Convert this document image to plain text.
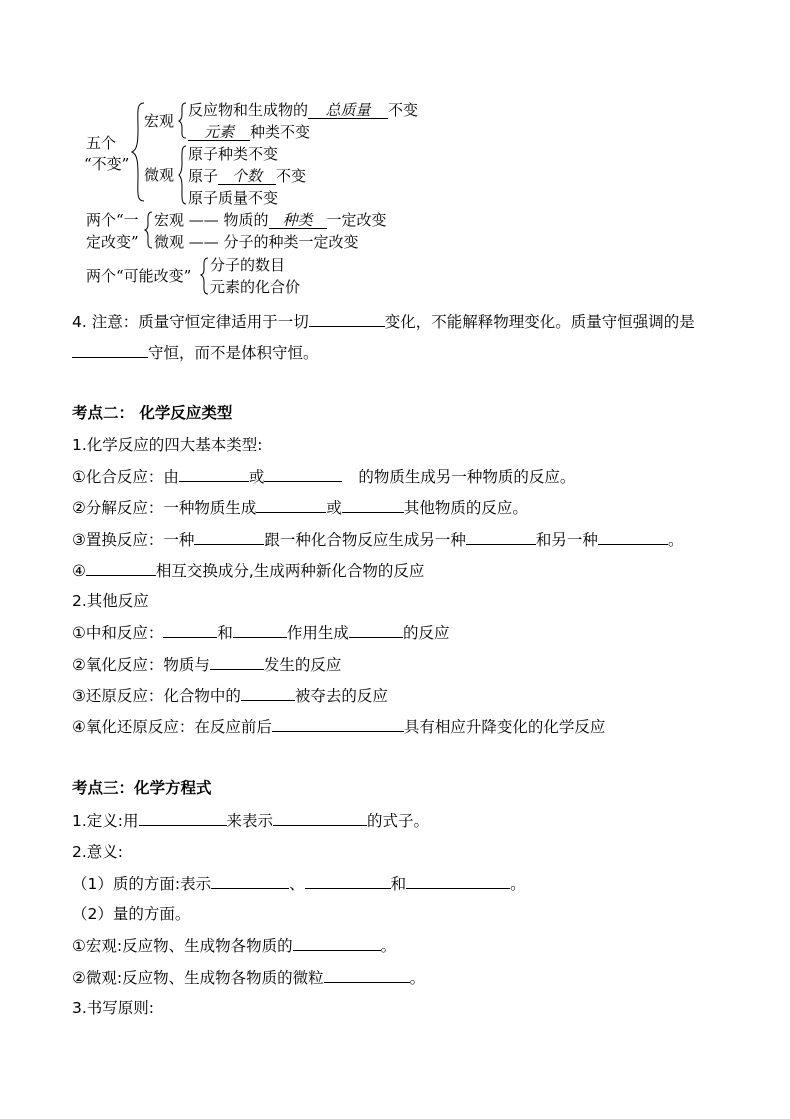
五个
“不变”
宏观
微观
反应物和生成物的 总质量 不变
元素 种类不变
原子种类不变
原子 个数 不变
原子质量不变
两个“一
定改变”
宏观 —— 物质的 种类 一定改变
微观 —— 分子的种类一定改变
两个“可能改变”
分子的数目
元素的化合价
4. 注意：质量守恒定律适用于一切	变化，不能解释物理变化。质量守恒强调的是
守恒，而不是体积守恒。
考点二： 化学反应类型
1.化学反应的四大基本类型:
①化合反应：由	或	的物质生成另一种物质的反应。
②分解反应：一种物质生成	或	其他物质的反应。
③置换反应：一种	跟一种化合物反应生成另一种	和另一种	。
④	相互交换成分,生成两种新化合物的反应
2.其他反应
①中和反应：	和	作用生成	的反应
②氧化反应：物质与	发生的反应
③还原反应：化合物中的	被夺去的反应
④氧化还原反应：在反应前后	具有相应升降变化的化学反应
考点三：化学方程式
1.定义:用	来表示	的式子。
2.意义:
（1）质的方面:表示	、	和	。
（2）量的方面。
①宏观:反应物、生成物各物质的	。
②微观:反应物、生成物各物质的微粒	。
3.书写原则:
